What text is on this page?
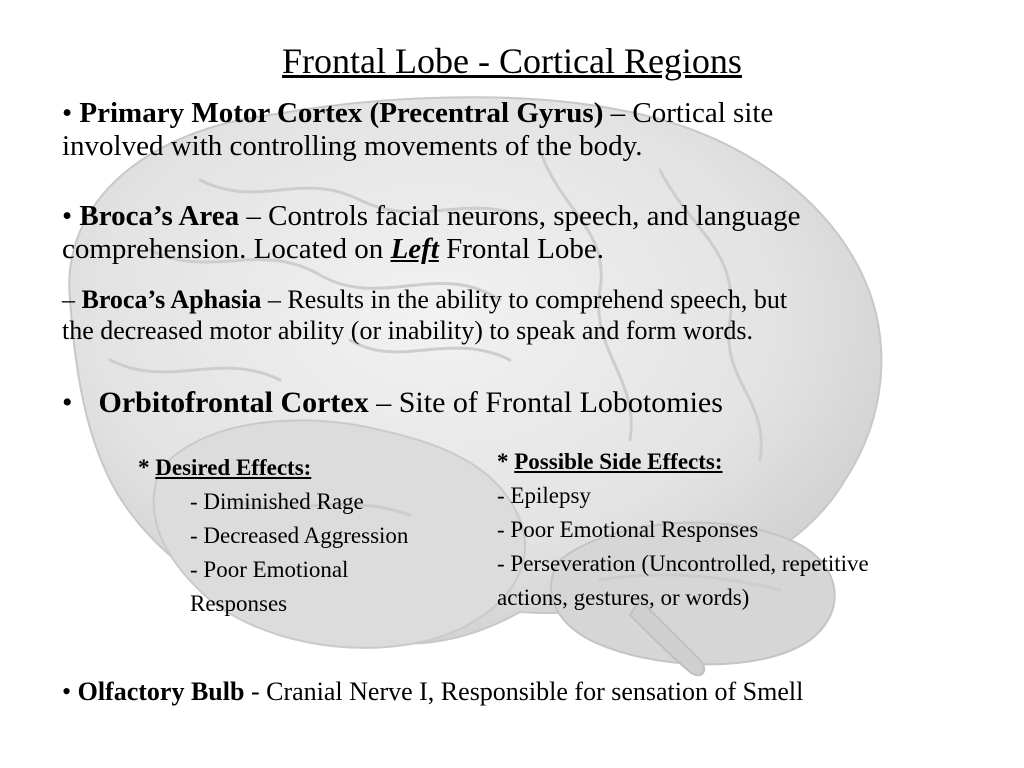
Frontal Lobe - Cortical Regions
• Primary Motor Cortex (Precentral Gyrus) – Cortical site
involved with controlling movements of the body.
• Broca’s Area – Controls facial neurons, speech, and language
comprehension. Located on Left Frontal Lobe.
– Broca’s Aphasia – Results in the ability to comprehend speech, but
the decreased motor ability (or inability) to speak and form words.
• Orbitofrontal Cortex – Site of Frontal Lobotomies
* Desired Effects:
- Diminished Rage
- Decreased Aggression
- Poor Emotional
Responses
* Possible Side Effects:
- Epilepsy
- Poor Emotional Responses
- Perseveration (Uncontrolled, repetitive
actions, gestures, or words)
• Olfactory Bulb - Cranial Nerve I, Responsible for sensation of Smell
